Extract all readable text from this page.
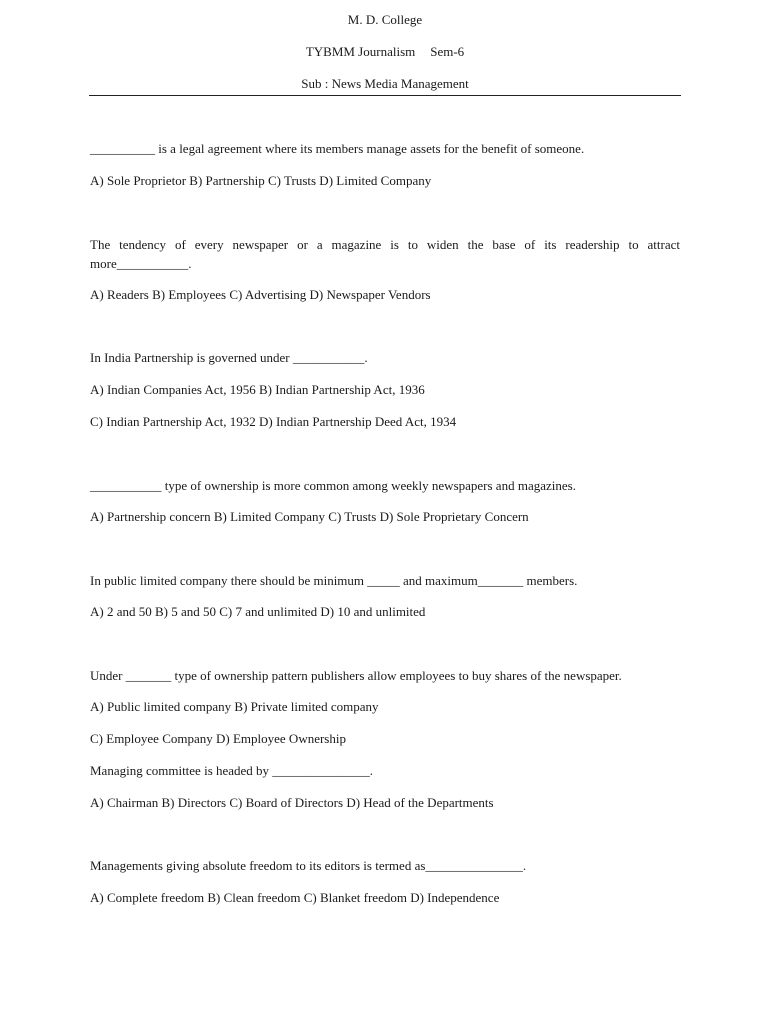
M. D. College
TYBMM Journalism Sem-6
Sub : News Media Management
__________ is a legal agreement where its members manage assets for the benefit of someone.
A) Sole Proprietor B) Partnership C) Trusts D) Limited Company
The tendency of every newspaper or a magazine is to widen the base of its readership to attract
more___________.
A) Readers B) Employees C) Advertising D) Newspaper Vendors
In India Partnership is governed under ___________.
A) Indian Companies Act, 1956 B) Indian Partnership Act, 1936
C) Indian Partnership Act, 1932 D) Indian Partnership Deed Act, 1934
___________ type of ownership is more common among weekly newspapers and magazines.
A) Partnership concern B) Limited Company C) Trusts D) Sole Proprietary Concern
In public limited company there should be minimum _____ and maximum_______ members.
A) 2 and 50 B) 5 and 50 C) 7 and unlimited D) 10 and unlimited
Under _______ type of ownership pattern publishers allow employees to buy shares of the newspaper.
A) Public limited company B) Private limited company
C) Employee Company D) Employee Ownership
Managing committee is headed by _______________.
A) Chairman B) Directors C) Board of Directors D) Head of the Departments
Managements giving absolute freedom to its editors is termed as_______________.
A) Complete freedom B) Clean freedom C) Blanket freedom D) Independence
